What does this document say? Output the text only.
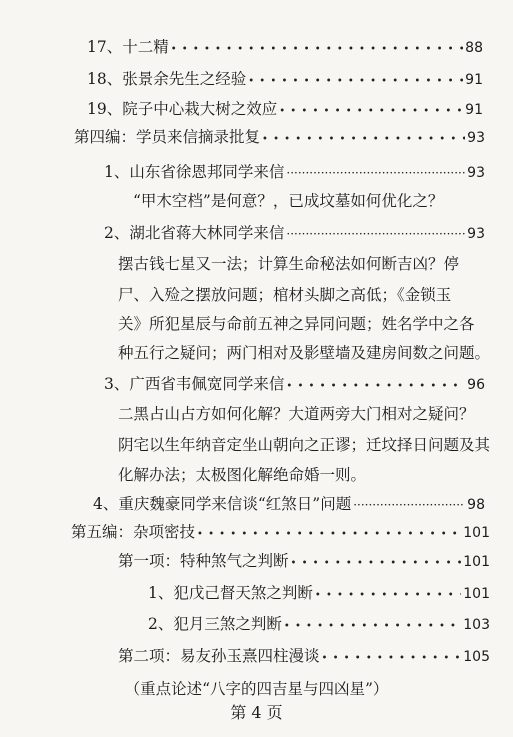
17、十二精 • • •	88
18、张景余先生之经验 • • •	91
19、院子中心栽大树之效应 • • •	91
第四编：学员来信摘录批复 • • •	93
1、山东省徐恩邦同学来信 ·····	93
“甲木空档”是何意？，已成坟墓如何优化之？
2、湖北省蒋大林同学来信 ·····	93
摆古钱七星又一法；计算生命秘法如何断吉凶？停
尸、入殓之摆放问题；棺材头脚之高低；《金锁玉
关》所犯星辰与命前五神之异同问题；姓名学中之各
种五行之疑问；两门相对及影壁墙及建房间数之问题。
3、广西省韦佩宽同学来信 • • •	96
二黑占山占方如何化解？大道两旁大门相对之疑问？
阴宅以生年纳音定坐山朝向之正谬；迁坟择日问题及其
化解办法；太极图化解绝命婚一则。
4、重庆魏豪同学来信谈“红煞日”问题 ·····	98
第五编：杂项密技 • • •	101
第一项：特种煞气之判断 • • •	101
1、犯戊己督天煞之判断 • • •	101
2、犯月三煞之判断 • • •	103
第二项：易友孙玉熹四柱漫谈 • • •	105
（重点论述“八字的四吉星与四凶星”）
第 4 页
